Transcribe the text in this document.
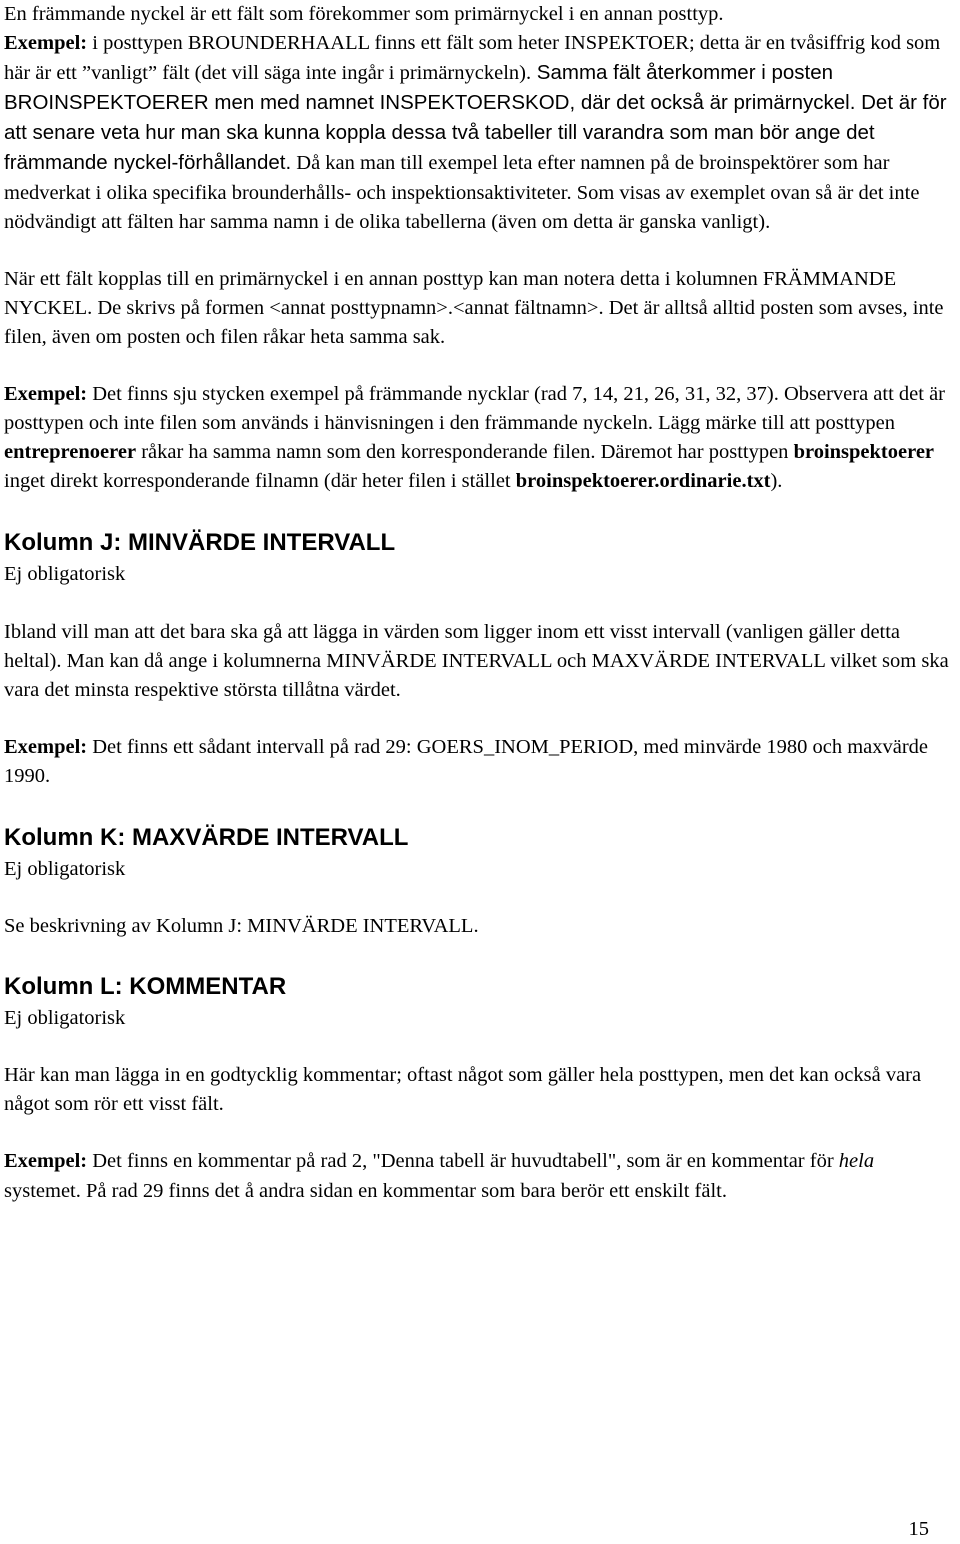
En främmande nyckel är ett fält som förekommer som primärnyckel i en annan posttyp.
Exempel: i posttypen BROUNDERHAALL finns ett fält som heter INSPEKTOER; detta är en tvåsiffrig kod som här är ett ”vanligt” fält (det vill säga inte ingår i primärnyckeln). Samma fält återkommer i posten BROINSPEKTOERER men med namnet INSPEKTOERSKOD, där det också är primärnyckel. Det är för att senare veta hur man ska kunna koppla dessa två tabeller till varandra som man bör ange det främmande nyckel-förhållandet. Då kan man till exempel leta efter namnen på de broinspektörer som har medverkat i olika specifika brounderhålls- och inspektionsaktiviteter. Som visas av exemplet ovan så är det inte nödvändigt att fälten har samma namn i de olika tabellerna (även om detta är ganska vanligt).

När ett fält kopplas till en primärnyckel i en annan posttyp kan man notera detta i kolumnen FRÄMMANDE NYCKEL. De skrivs på formen <annat posttypnamn>.<annat fältnamn>. Det är alltså alltid posten som avses, inte filen, även om posten och filen råkar heta samma sak.

Exempel: Det finns sju stycken exempel på främmande nycklar (rad 7, 14, 21, 26, 31, 32, 37). Observera att det är posttypen och inte filen som används i hänvisningen i den främmande nyckeln. Lägg märke till att posttypen entreprenoerer råkar ha samma namn som den korresponderande filen. Däremot har posttypen broinspektoerer inget direkt korresponderande filnamn (där heter filen i stället broinspektoerer.ordinarie.txt).

Kolumn J: MINVÄRDE INTERVALL

Ej obligatorisk

Ibland vill man att det bara ska gå att lägga in värden som ligger inom ett visst intervall (vanligen gäller detta heltal). Man kan då ange i kolumnerna MINVÄRDE INTERVALL och MAXVÄRDE INTERVALL vilket som ska vara det minsta respektive största tillåtna värdet.

Exempel: Det finns ett sådant intervall på rad 29: GOERS_INOM_PERIOD, med minvärde 1980 och maxvärde 1990.

Kolumn K: MAXVÄRDE INTERVALL

Ej obligatorisk

Se beskrivning av Kolumn J: MINVÄRDE INTERVALL.

Kolumn L: KOMMENTAR

Ej obligatorisk

Här kan man lägga in en godtycklig kommentar; oftast något som gäller hela posttypen, men det kan också vara något som rör ett visst fält.

Exempel: Det finns en kommentar på rad 2, "Denna tabell är huvudtabell", som är en kommentar för hela systemet. På rad 29 finns det å andra sidan en kommentar som bara berör ett enskilt fält.

15
